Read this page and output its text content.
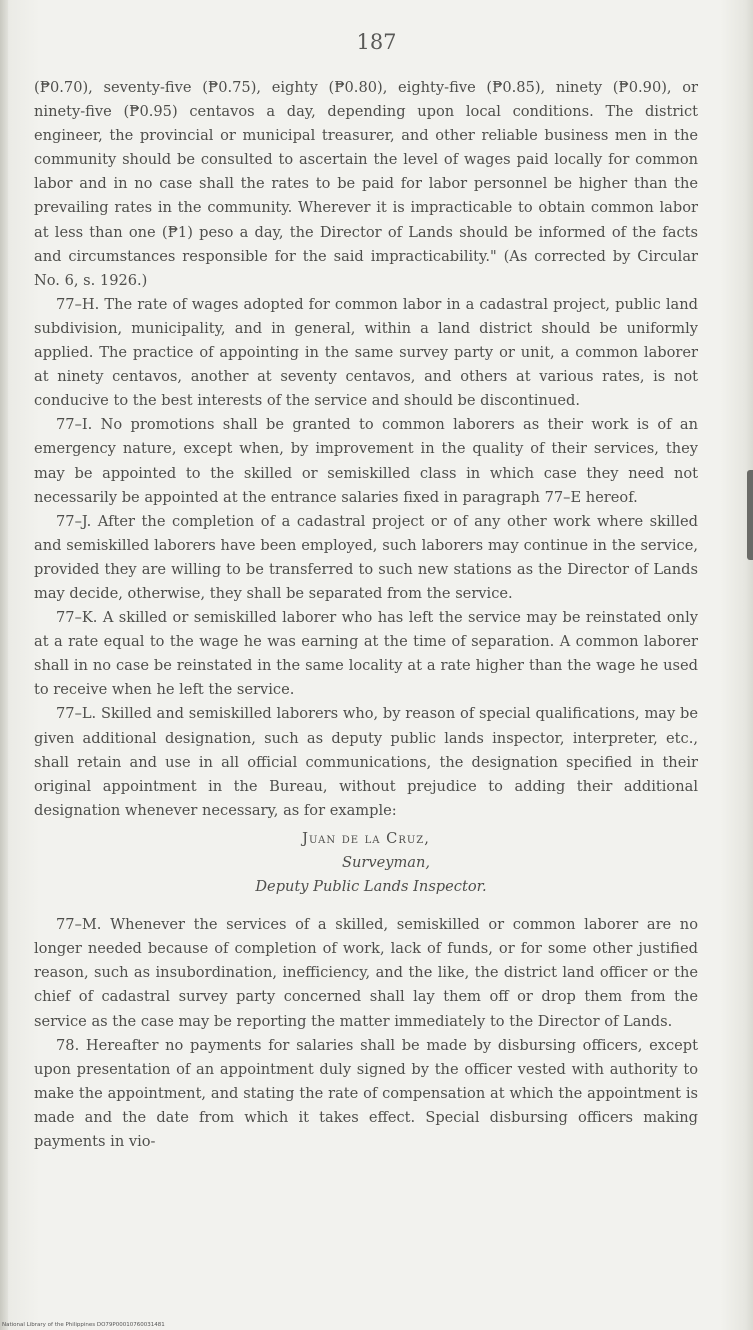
187

(₱0.70), seventy-five (₱0.75), eighty (₱0.80), eighty-five (₱0.85), ninety (₱0.90), or ninety-five (₱0.95) centavos a day, depending upon local conditions. The district engineer, the provincial or municipal treasurer, and other reliable business men in the community should be consulted to ascertain the level of wages paid locally for common labor and in no case shall the rates to be paid for labor personnel be higher than the prevailing rates in the community. Wherever it is impracticable to obtain common labor at less than one (₱1) peso a day, the Director of Lands should be informed of the facts and circumstances responsible for the said impracticability." (As corrected by Circular No. 6, s. 1926.)

77–H. The rate of wages adopted for common labor in a cadastral project, public land subdivision, municipality, and in general, within a land district should be uniformly applied. The practice of appointing in the same survey party or unit, a common laborer at ninety centavos, another at seventy centavos, and others at various rates, is not conducive to the best interests of the service and should be discontinued.

77–I. No promotions shall be granted to common laborers as their work is of an emergency nature, except when, by improvement in the quality of their services, they may be appointed to the skilled or semiskilled class in which case they need not necessarily be appointed at the entrance salaries fixed in paragraph 77–E hereof.

77–J. After the completion of a cadastral project or of any other work where skilled and semiskilled laborers have been employed, such laborers may continue in the service, provided they are willing to be transferred to such new stations as the Director of Lands may decide, otherwise, they shall be separated from the service.

77–K. A skilled or semiskilled laborer who has left the service may be reinstated only at a rate equal to the wage he was earning at the time of separation. A common laborer shall in no case be reinstated in the same locality at a rate higher than the wage he used to receive when he left the service.

77–L. Skilled and semiskilled laborers who, by reason of special qualifications, may be given additional designation, such as deputy public lands inspector, interpreter, etc., shall retain and use in all official communications, the designation specified in their original appointment in the Bureau, without prejudice to adding their additional designation whenever necessary, as for example:

Juan de la Cruz,
Surveyman,
Deputy Public Lands Inspector.

77–M. Whenever the services of a skilled, semiskilled or common laborer are no longer needed because of completion of work, lack of funds, or for some other justified reason, such as insubordination, inefficiency, and the like, the district land officer or the chief of cadastral survey party concerned shall lay them off or drop them from the service as the case may be reporting the matter immediately to the Director of Lands.

78. Hereafter no payments for salaries shall be made by disbursing officers, except upon presentation of an appointment duly signed by the officer vested with authority to make the appointment, and stating the rate of compensation at which the appointment is made and the date from which it takes effect. Special disbursing officers making payments in vio-

National Library of the Philippines DO79P00010760031481
